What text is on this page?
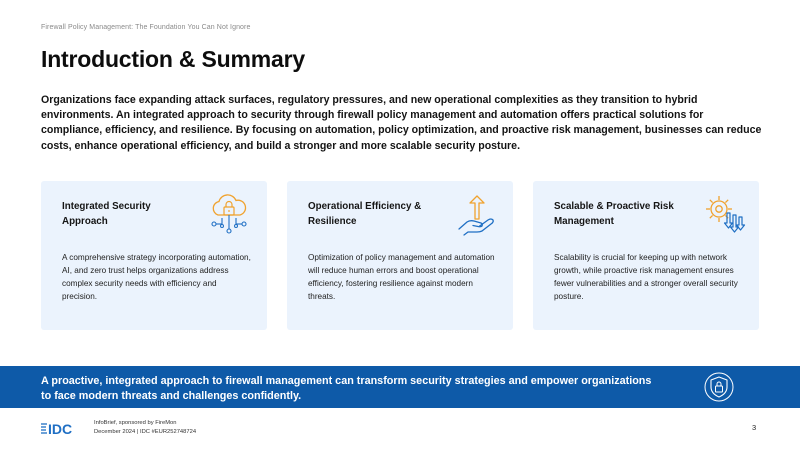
Firewall Policy Management: The Foundation You Can Not Ignore
Introduction & Summary

Organizations face expanding attack surfaces, regulatory pressures, and new operational complexities as they transition to hybrid environments. An integrated approach to security through firewall policy management and automation offers practical solutions for compliance, efficiency, and resilience. By focusing on automation, policy optimization, and proactive risk management, businesses can reduce costs, enhance operational efficiency, and build a stronger and more scalable security posture.

Integrated Security Approach
A comprehensive strategy incorporating automation, AI, and zero trust helps organizations address complex security needs with efficiency and precision.
Operational Efficiency & Resilience
Optimization of policy management and automation will reduce human errors and boost operational efficiency, fostering resilience against modern threats.
Scalable & Proactive Risk Management
Scalability is crucial for keeping up with network growth, while proactive risk management ensures fewer vulnerabilities and a stronger overall security posture.
A proactive, integrated approach to firewall management can transform security strategies and empower organizations to face modern threats and challenges confidently.
IDC	InfoBrief, sponsored by FireMon
December 2024 | IDC #EUR252748724	3
